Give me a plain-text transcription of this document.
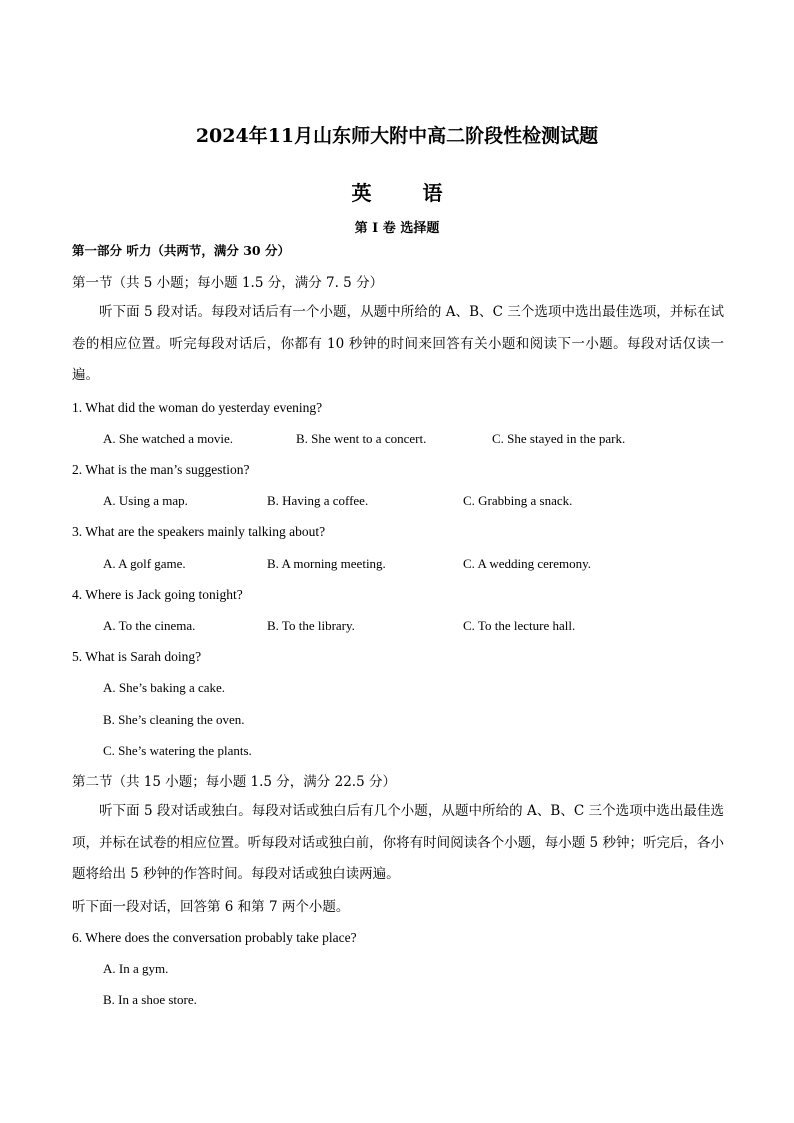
2024年11月山东师大附中高二阶段性检测试题
英 语
第 I 卷 选择题
第一部分 听力（共两节，满分 30 分）
第一节（共 5 小题；每小题 1.5 分，满分 7. 5 分）
听下面 5 段对话。每段对话后有一个小题，从题中所给的 A、B、C 三个选项中选出最佳选项，并标在试卷的相应位置。听完每段对话后，你都有 10 秒钟的时间来回答有关小题和阅读下一小题。每段对话仅读一遍。
1. What did the woman do yesterday evening?
A. She watched a movie.	B. She went to a concert.	C. She stayed in the park.
2. What is the man’s suggestion?
A. Using a map.	B. Having a coffee.	C. Grabbing a snack.
3. What are the speakers mainly talking about?
A. A golf game.	B. A morning meeting.	C. A wedding ceremony.
4. Where is Jack going tonight?
A. To the cinema.	B. To the library.	C. To the lecture hall.
5. What is Sarah doing?
A. She’s baking a cake.
B. She’s cleaning the oven.
C. She’s watering the plants.
第二节（共 15 小题；每小题 1.5 分，满分 22.5 分）
听下面 5 段对话或独白。每段对话或独白后有几个小题，从题中所给的 A、B、C 三个选项中选出最佳选项，并标在试卷的相应位置。听每段对话或独白前，你将有时间阅读各个小题，每小题 5 秒钟；听完后，各小题将给出 5 秒钟的作答时间。每段对话或独白读两遍。
听下面一段对话，回答第 6 和第 7 两个小题。
6. Where does the conversation probably take place?
A. In a gym.
B. In a shoe store.
